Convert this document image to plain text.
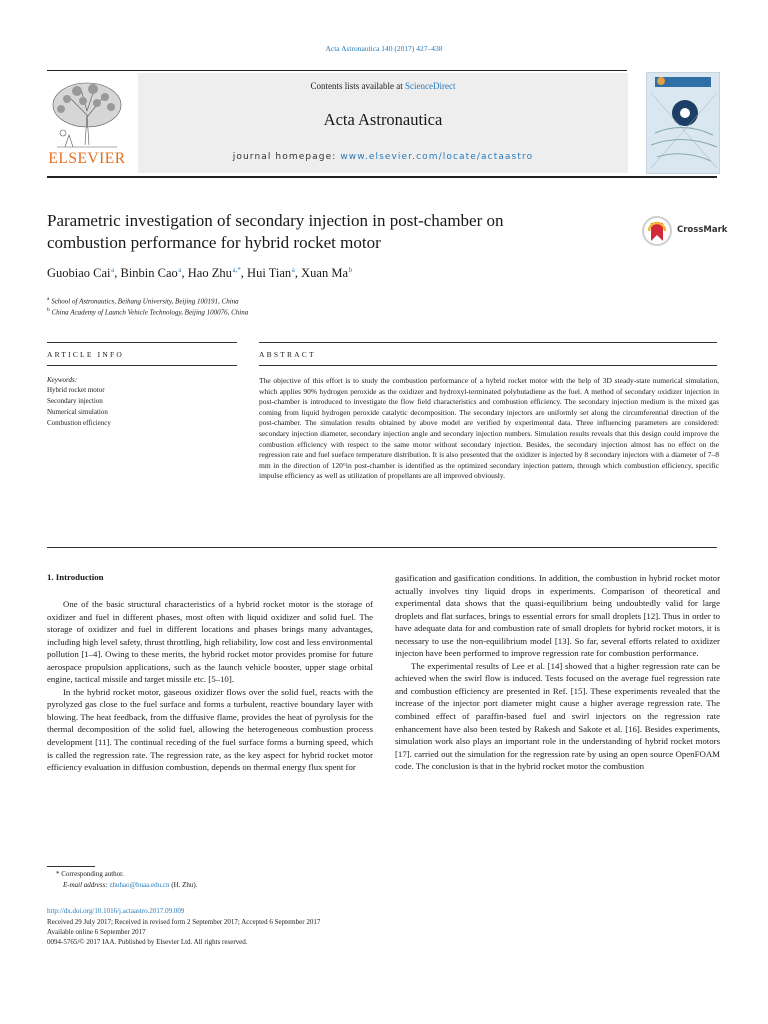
Acta Astronautica 140 (2017) 427–438
ELSEVIER
Contents lists available at ScienceDirect
Acta Astronautica
journal homepage: www.elsevier.com/locate/actaastro
Parametric investigation of secondary injection in post-chamber on
combustion performance for hybrid rocket motor
CrossMark
Guobiao Cai $^a$, Binbin Cao $^a$, Hao Zhu $^{a,*}$, Hui Tian $^a$, Xuan Ma $^b$
$^a$ School of Astronautics, Beihang University, Beijing 100191, China
$^b$ China Academy of Launch Vehicle Technology, Beijing 100076, China
ARTICLE INFO	ABSTRACT
Keywords:
Hybrid rocket motor
Secondary injection
Numerical simulation
Combustion efficiency
The objective of this effort is to study the combustion performance of a hybrid rocket motor with the help of 3D steady-state numerical simulation, which applies 90% hydrogen peroxide as the oxidizer and hydroxyl-terminated polybutadiene as the fuel. A method of secondary oxidizer injection in post-chamber is introduced to investigate the flow field characteristics and combustion efficiency. The secondary injection medium is the mixed gas coming from liquid hydrogen peroxide catalytic decomposition. The secondary injectors are uniformly set along the circumferential direction of the post-chamber. The simulation results obtained by above model are verified by experimental data. Three influencing parameters are considered: secondary injection diameter, secondary injection angle and secondary injection numbers. Simulation results reveals that this design could improve the combustion efficiency with respect to the same motor without secondary injection. Besides, the secondary injection almost has no effect on the regression rate and fuel sueface temperature distribution. It is also presented that the oxidizer is injected by 8 secondary injectors with a diameter of 7–8 mm in the direction of 120°in post-chamber is identified as the optimized secondary injection pattern, through which combustion efficiency, specific impulse efficiency as well as utilization of propellants are all improved obviously.
1. Introduction

One of the basic structural characteristics of a hybrid rocket motor is the storage of oxidizer and fuel in different phases, most often with liquid oxidizer and solid fuel. The storage of oxidizer and fuel in different locations and phases brings many advantages, including high level safety, thrust throttling, high reliability, low cost and less environmental pollution [1–4]. Owing to these merits, the hybrid rocket motor provides promise for future aerospace propulsion applications, such as the launch vehicle booster, upper stage orbital engine, tactical missile and target missile etc. [5–10].

In the hybrid rocket motor, gaseous oxidizer flows over the solid fuel, reacts with the pyrolyzed gas close to the fuel surface and forms a turbulent, reactive boundary layer with blowing. The heat feedback, from the diffusive flame, provides the heat of pyrolysis for the thermal decomposition of the solid fuel, allowing the heterogeneous combustion process development [11]. The continual receding of the fuel surface forms a burning speed, which is called the regression rate. The regression rate, as the key aspect for hybrid rocket motor efficiency evaluation in diffusion combustion, depends on thermal energy flux spent for

gasification and gasification conditions. In addition, the combustion in hybrid rocket motor actually involves tiny liquid drops in experiments. Comparison of theoretical and experimental data shows that the quasi-equilibrium being undoubtedly valid for large droplets and flat surfaces, brings to essential errors for small droplets [12]. Thus in order to have adequate data for and combustion rate of small droplets for hybrid rocket motors, it is necessary to use the non-equilibrium model [13]. So far, several efforts related to oxidizer injecton have been performed to improve regression rate for combustion performance.

The experimental results of Lee et al. [14] showed that a higher regression rate can be achieved when the swirl flow is induced. Tests focused on the average fuel regression rate and combustion efficiency are presented in Ref. [15]. These experiments revealed that the increase of the injector port diameter might cause a higher average regression rate. The combined effect of paraffin-based fuel and swirl injectors on the regression rate enhancement have also been tested by Rakesh and Sakote et al. [16]. Besides experiments, simulation work also plays an important role in the understanding of hybrid rocket motors [17]. carried out the simulation for the regression rate by using an open source OpenFOAM code. The conclusion is that in the hybrid rocket motor the combustion

* Corresponding author.
E-mail address: zhuhao@buaa.edu.cn (H. Zhu).
http://dx.doi.org/10.1016/j.actaastro.2017.09.009
Received 29 July 2017; Received in revised form 2 September 2017; Accepted 6 September 2017
Available online 6 September 2017
0094-5765/© 2017 IAA. Published by Elsevier Ltd. All rights reserved.
